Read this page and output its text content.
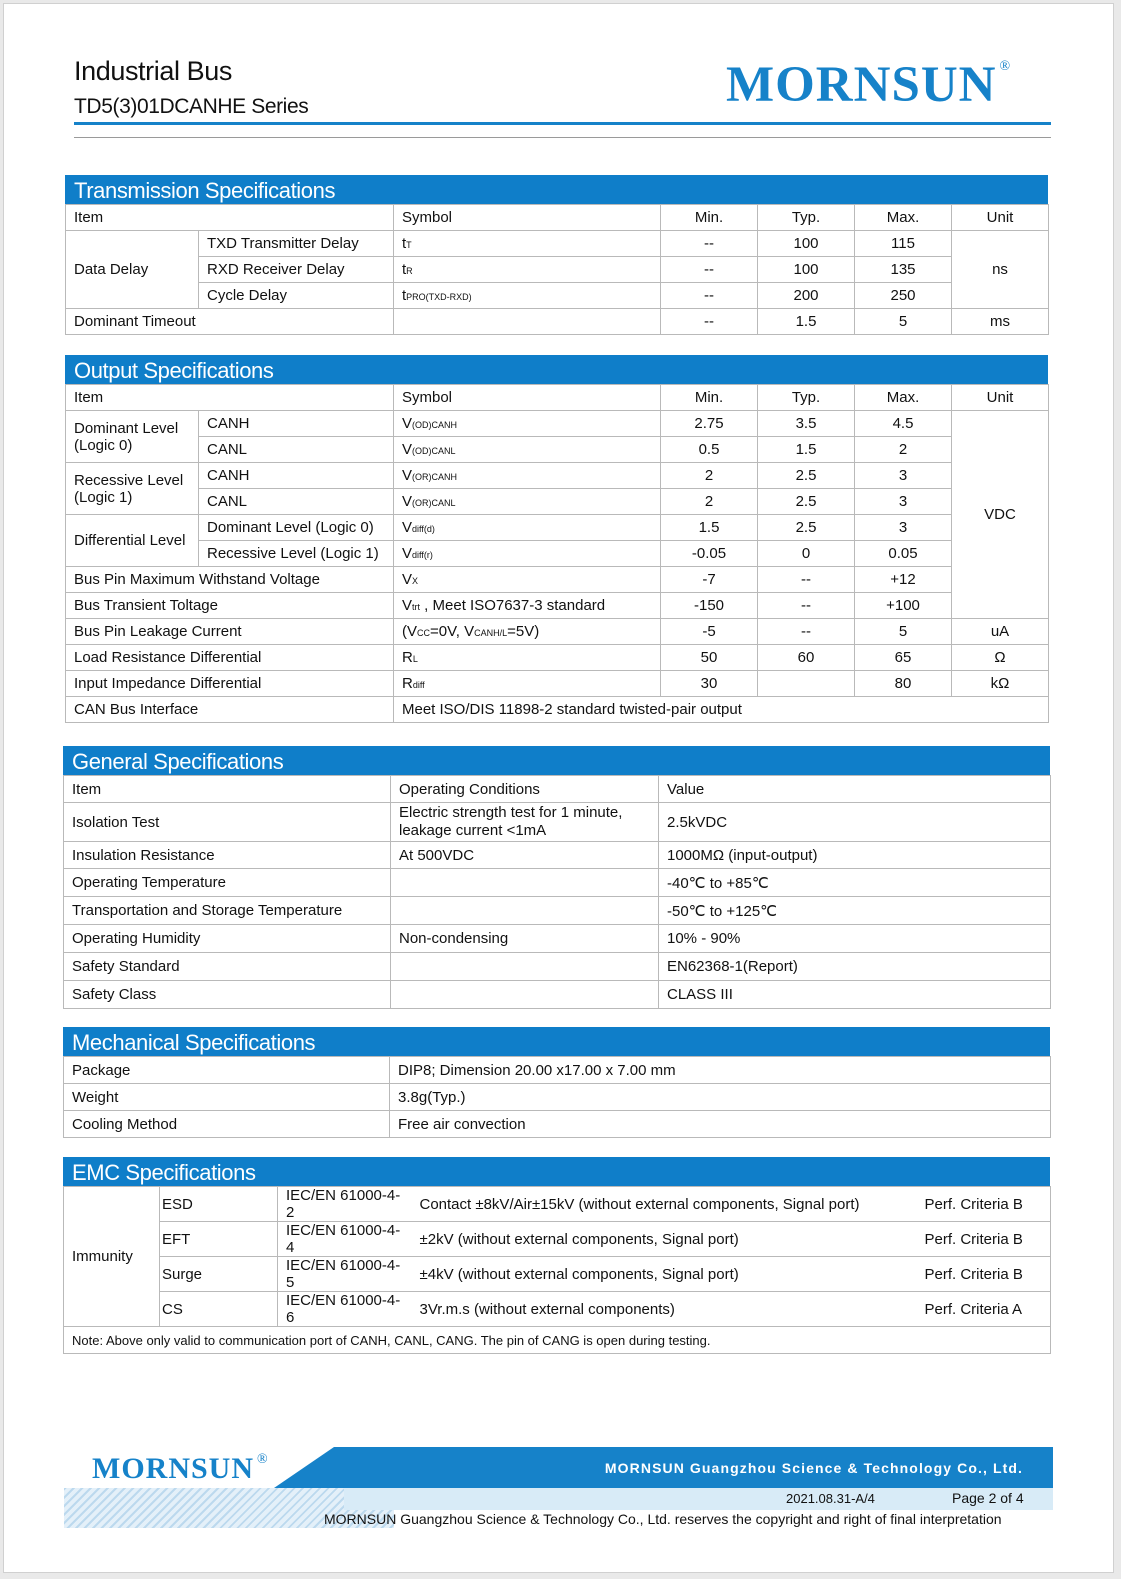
Industrial Bus
TD5(3)01DCANHE Series	MORNSUN ®
Transmission Specifications
Item		Symbol	Min.	Typ.	Max.	Unit
Data Delay	TXD Transmitter Delay	tT	--	100	115	ns
	RXD Receiver Delay	tR	--	100	135	
	Cycle Delay	tPRO(TXD-RXD)	--	200	250	
Dominant Timeout			--	1.5	5	ms
Output Specifications
Item		Symbol	Min.	Typ.	Max.	Unit
Dominant Level (Logic 0)	CANH	V(OD)CANH	2.75	3.5	4.5	VDC
	CANL	V(OD)CANL	0.5	1.5	2	
Recessive Level (Logic 1)	CANH	V(OR)CANH	2	2.5	3	
	CANL	V(OR)CANL	2	2.5	3	
Differential Level	Dominant Level (Logic 0)	Vdiff(d)	1.5	2.5	3	
	Recessive Level (Logic 1)	Vdiff(r)	-0.05	0	0.05	
Bus Pin Maximum Withstand Voltage		VX	-7	--	+12	
Bus Transient Toltage		Vtrt , Meet ISO7637-3 standard	-150	--	+100	
Bus Pin Leakage Current		(VCC=0V, VCANH/L=5V)	-5	--	5	uA
Load Resistance Differential		RL	50	60	65	Ω
Input Impedance Differential		Rdiff	30		80	kΩ
CAN Bus Interface		Meet ISO/DIS 11898-2 standard twisted-pair output				
General Specifications
Item	Operating Conditions	Value
Isolation Test	Electric strength test for 1 minute, leakage current <1mA	2.5kVDC
Insulation Resistance	At 500VDC	1000MΩ (input-output)
Operating Temperature		-40℃ to +85℃
Transportation and Storage Temperature		-50℃ to +125℃
Operating Humidity	Non-condensing	10% - 90%
Safety Standard		EN62368-1(Report)
Safety Class		CLASS III
Mechanical Specifications
Package	DIP8; Dimension 20.00 x17.00 x 7.00 mm
Weight	3.8g(Typ.)
Cooling Method	Free air convection
EMC Specifications
Immunity	ESD	IEC/EN 61000-4-2	Contact ±8kV/Air±15kV (without external components, Signal port)	Perf. Criteria B
	EFT	IEC/EN 61000-4-4	±2kV (without external components, Signal port)	Perf. Criteria B
	Surge	IEC/EN 61000-4-5	±4kV (without external components, Signal port)	Perf. Criteria B
	CS	IEC/EN 61000-4-6	3Vr.m.s (without external components)	Perf. Criteria A
Note: Above only valid to communication port of CANH, CANL, CANG. The pin of CANG is open during testing.				
MORNSUN Guangzhou Science & Technology Co., Ltd.
MORNSUN ®
2021.08.31-A/4	Page 2 of 4
MORNSUN Guangzhou Science & Technology Co., Ltd. reserves the copyright and right of final interpretation
